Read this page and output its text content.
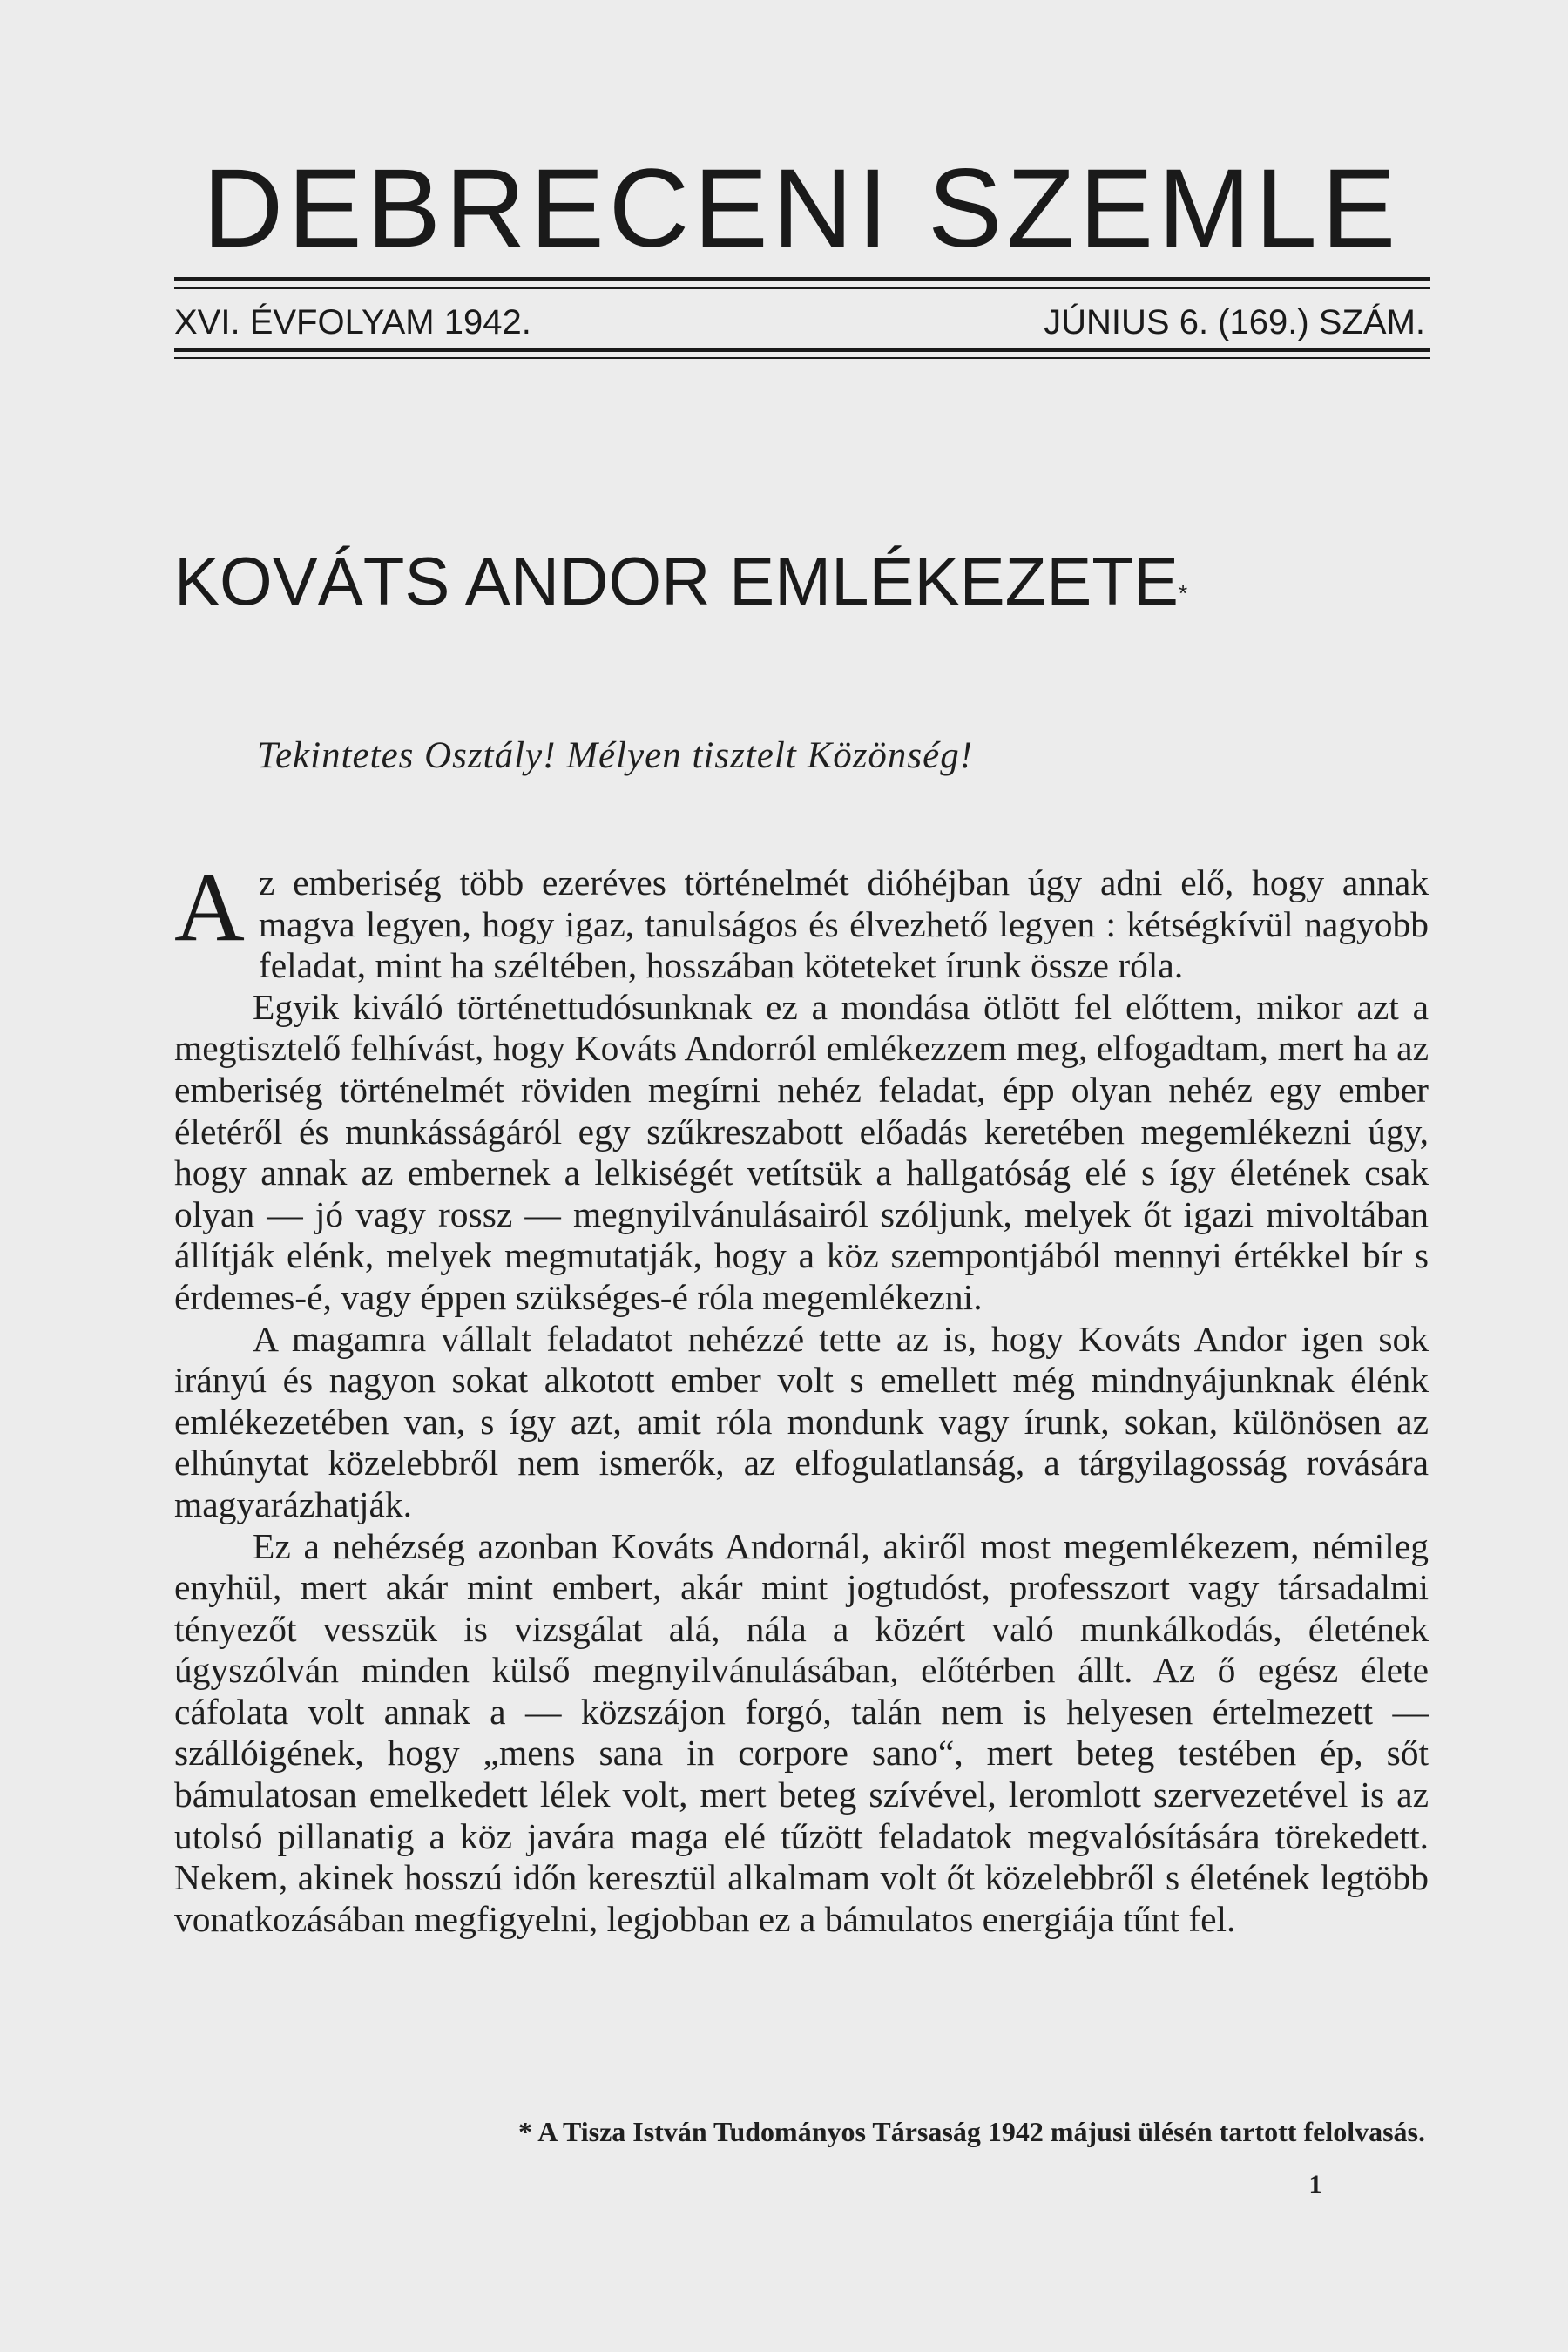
DEBRECENI SZEMLE
XVI. ÉVFOLYAM 1942.	JÚNIUS 6. (169.) SZÁM.
KOVÁTS ANDOR EMLÉKEZETE*
Tekintetes Osztály! Mélyen tisztelt Közönség!

Az emberiség több ezeréves történelmét dióhéjban úgy adni elő, hogy annak magva legyen, hogy igaz, tanulságos és élvezhető legyen : kétségkívül nagyobb feladat, mint ha széltében, hosszában köteteket írunk össze róla.

Egyik kiváló történettudósunknak ez a mondása ötlött fel előttem, mikor azt a megtisztelő felhívást, hogy Kováts Andorról emlékezzem meg, elfogadtam, mert ha az emberiség történelmét röviden megírni nehéz feladat, épp olyan nehéz egy ember életéről és munkásságáról egy szűkreszabott előadás keretében megemlékezni úgy, hogy annak az embernek a lelkiségét vetítsük a hallgatóság elé s így életének csak olyan — jó vagy rossz — megnyilvánulásairól szóljunk, melyek őt igazi mivoltában állítják elénk, melyek megmutatják, hogy a köz szempontjából mennyi értékkel bír s érdemes-é, vagy éppen szükséges-é róla megemlékezni.

A magamra vállalt feladatot nehézzé tette az is, hogy Kováts Andor igen sok irányú és nagyon sokat alkotott ember volt s emellett még mindnyájunknak élénk emlékezetében van, s így azt, amit róla mondunk vagy írunk, sokan, különösen az elhúnytat közelebbről nem ismerők, az elfogulatlanság, a tárgyilagosság rovására magyarázhatják.

Ez a nehézség azonban Kováts Andornál, akiről most megemlékezem, némileg enyhül, mert akár mint embert, akár mint jogtudóst, professzort vagy társadalmi tényezőt vesszük is vizsgálat alá, nála a közért való munkálkodás, életének úgyszólván minden külső megnyilvánulásában, előtérben állt. Az ő egész élete cáfolata volt annak a — közszájon forgó, talán nem is helyesen értelmezett — szállóigének, hogy „mens sana in corpore sano“, mert beteg testében ép, sőt bámulatosan emelkedett lélek volt, mert beteg szívével, leromlott szervezetével is az utolsó pillanatig a köz javára maga elé tűzött feladatok megvalósítására törekedett. Nekem, akinek hosszú időn keresztül alkalmam volt őt közelebbről s életének legtöbb vonatkozásában megfigyelni, legjobban ez a bámulatos energiája tűnt fel.

* A Tisza István Tudományos Társaság 1942 májusi ülésén tartott felolvasás.
1
